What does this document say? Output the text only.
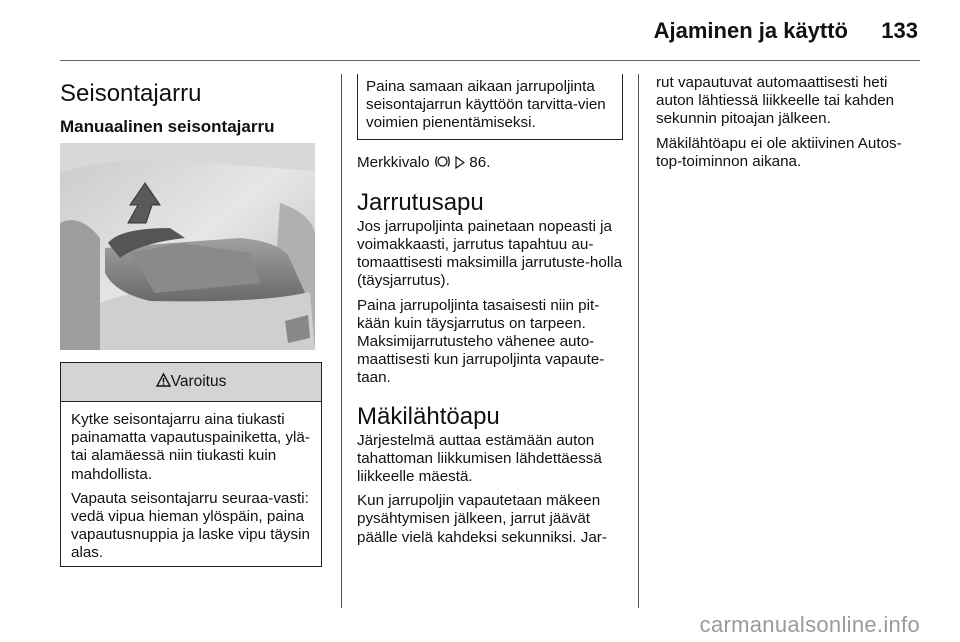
Ajaminen ja käyttö 133
Seisontajarru
Manuaalinen seisontajarru
Varoitus

Kytke seisontajarru aina tiukasti painamatta vapautuspainiketta, ylä- tai alamäessä niin tiukasti kuin mahdollista.

Vapauta seisontajarru seuraa-vasti: vedä vipua hieman ylöspäin, paina vapautusnuppia ja laske vipu täysin alas.

Paina samaan aikaan jarrupoljinta seisontajarrun käyttöön tarvitta-vien voimien pienentämiseksi.

Merkkivalo	86.

Jarrutusapu

Jos jarrupoljinta painetaan nopeasti ja voimakkaasti, jarrutus tapahtuu au-tomaattisesti maksimilla jarrutuste-holla (täysjarrutus).

Paina jarrupoljinta tasaisesti niin pit-kään kuin täysjarrutus on tarpeen. Maksimijarrutusteho vähenee auto-maattisesti kun jarrupoljinta vapaute-taan.

Mäkilähtöapu

Järjestelmä auttaa estämään auton tahattoman liikkumisen lähdettäessä liikkeelle mäestä.

Kun jarrupoljin vapautetaan mäkeen pysähtymisen jälkeen, jarrut jäävät päälle vielä kahdeksi sekunniksi. Jar-

rut vapautuvat automaattisesti heti auton lähtiessä liikkeelle tai kahden sekunnin pitoajan jälkeen.

Mäkilähtöapu ei ole aktiivinen Autos-top-toiminnon aikana.

carmanualsonline.info
